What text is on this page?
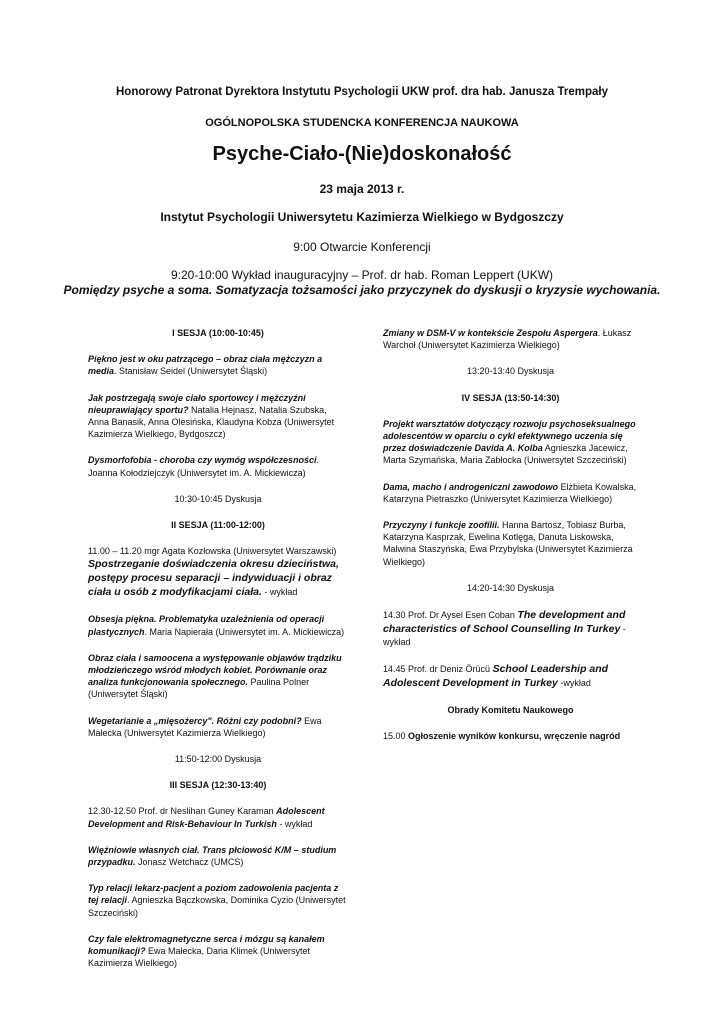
Honorowy Patronat Dyrektora Instytutu Psychologii UKW prof. dra hab. Janusza Trempały
OGÓLNOPOLSKA STUDENCKA KONFERENCJA NAUKOWA
Psyche-Ciało-(Nie)doskonałość
23 maja 2013 r.
Instytut Psychologii Uniwersytetu Kazimierza Wielkiego w Bydgoszczy
9:00 Otwarcie Konferencji
9:20-10:00 Wykład inauguracyjny – Prof. dr hab. Roman Leppert (UKW)
Pomiędzy psyche a soma. Somatyzacja tożsamości jako przyczynek do dyskusji o kryzysie wychowania.
I SESJA (10:00-10:45)
Piękno jest w oku patrzącego – obraz ciała mężczyzn a media. Stanisław Seidel (Uniwersytet Śląski)
Jak postrzegają swoje ciało sportowcy i mężczyźni nieuprawiający sportu? Natalia Hejnasz, Natalia Szubska, Anna Banasik, Anna Olesińska, Klaudyna Kobza (Uniwersytet Kazimierza Wielkiego, Bydgoszcz)
Dysmorfofobia - choroba czy wymóg współczesności. Joanna Kołodziejczyk (Uniwersytet im. A. Mickiewicza)
10:30-10:45 Dyskusja
II SESJA (11:00-12:00)
11.00 – 11.20 mgr Agata Kozłowska (Uniwersytet Warszawski) Spostrzeganie doświadczenia okresu dzieciństwa, postępy procesu separacji – indywiduacji i obraz ciała u osób z modyfikacjami ciała. - wykład
Obsesja piękna. Problematyka uzależnienia od operacji plastycznych. Maria Napierała (Uniwersytet im. A. Mickiewicza)
Obraz ciała i samoocena a występowanie objawów trądziku młodzieńczego wśród młodych kobiet. Porównanie oraz analiza funkcjonowania społecznego. Paulina Polner (Uniwersytet Śląski)
Wegetarianie a „mięsożercy". Różni czy podobni? Ewa Małecka (Uniwersytet Kazimierza Wielkiego)
11:50-12:00 Dyskusja
III SESJA (12:30-13:40)
12.30-12.50 Prof. dr Neslihan Guney Karaman Adolescent Development and Risk-Behaviour In Turkish - wykład
Więźniowie własnych ciał. Trans płciowość K/M – studium przypadku. Jonasz Wetchacz (UMCS)
Typ relacji lekarz-pacjent a poziom zadowolenia pacjenta z tej relacji. Agnieszka Bączkowska, Dominika Cyzio (Uniwersytet Szczeciński)
Czy fale elektromagnetyczne serca i mózgu są kanałem komunikacji? Ewa Małecka, Daria Klimek (Uniwersytet Kazimierza Wielkiego)
Zmiany w DSM-V w kontekście Zespołu Aspergera. Łukasz Warchoł (Uniwersytet Kazimierza Wielkiego)
13:20-13:40 Dyskusja
IV SESJA (13:50-14:30)
Projekt warsztatów dotyczący rozwoju psychoseksualnego adolescentów w oparciu o cykl efektywnego uczenia się przez doświadczenie Davida A. Kolba Agnieszka Jacewicz, Marta Szymańska, Maria Zabłocka (Uniwersytet Szczeciński)
Dama, macho i androgeniczni zawodowo Elżbieta Kowalska, Katarzyna Pietraszko (Uniwersytet Kazimierza Wielkiego)
Przyczyny i funkcje zoofilii. Hanna Bartosz, Tobiasz Burba, Katarzyna Kasprzak, Ewelina Kotlęga, Danuta Liskowska, Malwina Staszyńska, Ewa Przybylska (Uniwersytet Kazimierza Wielkiego)
14:20-14:30 Dyskusja
14.30 Prof. Dr Aysel Esen Coban The development and characteristics of School Counselling In Turkey - wykład
14.45 Prof. dr Deniz Örücü School Leadership and Adolescent Development in Turkey -wykład
Obrady Komitetu Naukowego
15.00 Ogłoszenie wyników konkursu, wręczenie nagród
